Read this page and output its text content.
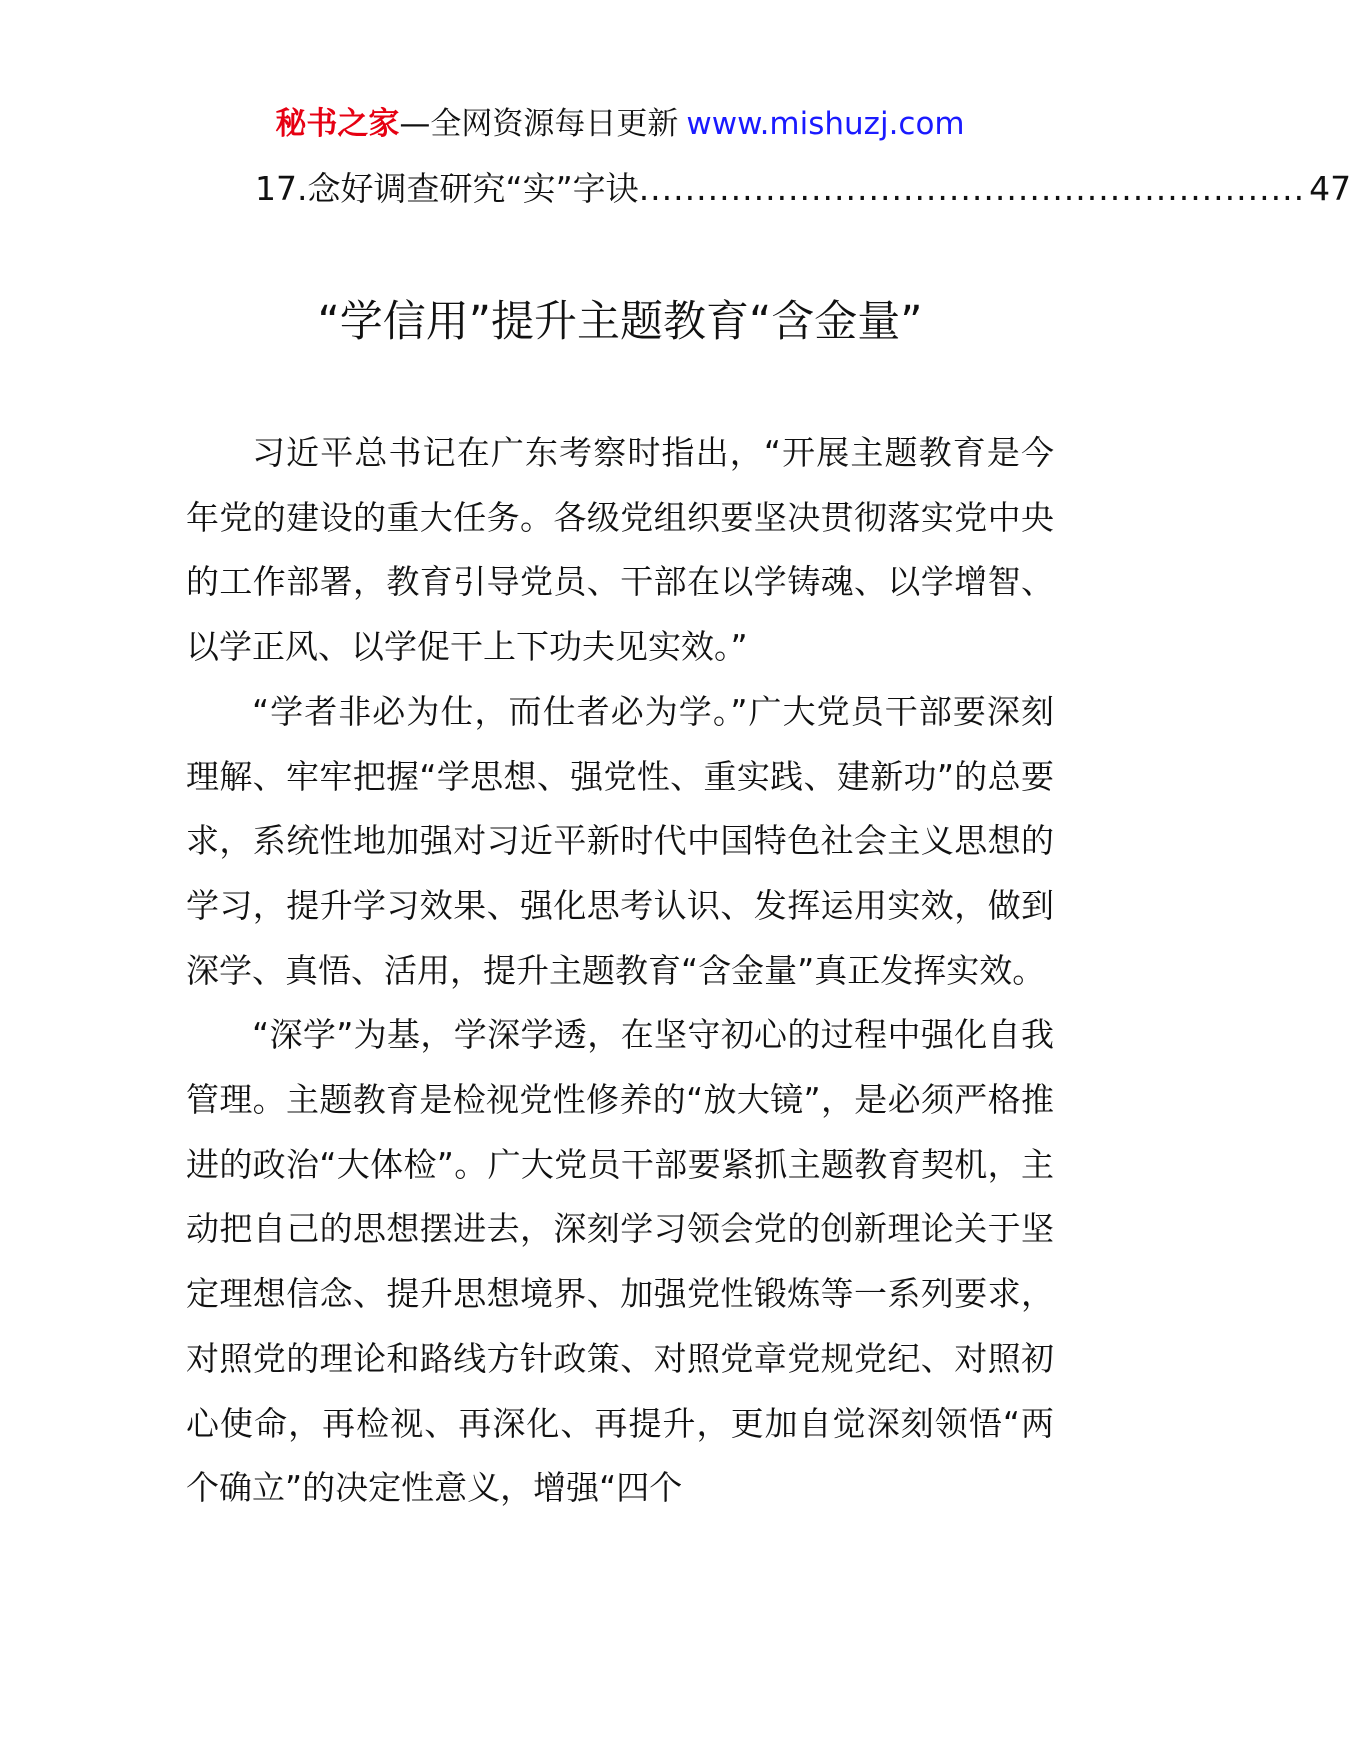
秘书之家—全网资源每日更新 www.mishuzj.com
17.念好调查研究“实”字诀 .......................................................... 47
“学信用”提升主题教育“含金量”

习近平总书记在广东考察时指出，“开展主题教育是今年党的建设的重大任务。各级党组织要坚决贯彻落实党中央的工作部署，教育引导党员、干部在以学铸魂、以学增智、以学正风、以学促干上下功夫见实效。”

“学者非必为仕，而仕者必为学。”广大党员干部要深刻理解、牢牢把握“学思想、强党性、重实践、建新功”的总要求，系统性地加强对习近平新时代中国特色社会主义思想的学习，提升学习效果、强化思考认识、发挥运用实效，做到深学、真悟、活用，提升主题教育“含金量”真正发挥实效。

“深学”为基，学深学透，在坚守初心的过程中强化自我管理。主题教育是检视党性修养的“放大镜”，是必须严格推进的政治“大体检”。广大党员干部要紧抓主题教育契机，主动把自己的思想摆进去，深刻学习领会党的创新理论关于坚定理想信念、提升思想境界、加强党性锻炼等一系列要求，对照党的理论和路线方针政策、对照党章党规党纪、对照初心使命，再检视、再深化、再提升，更加自觉深刻领悟“两个确立”的决定性意义，增强“四个
